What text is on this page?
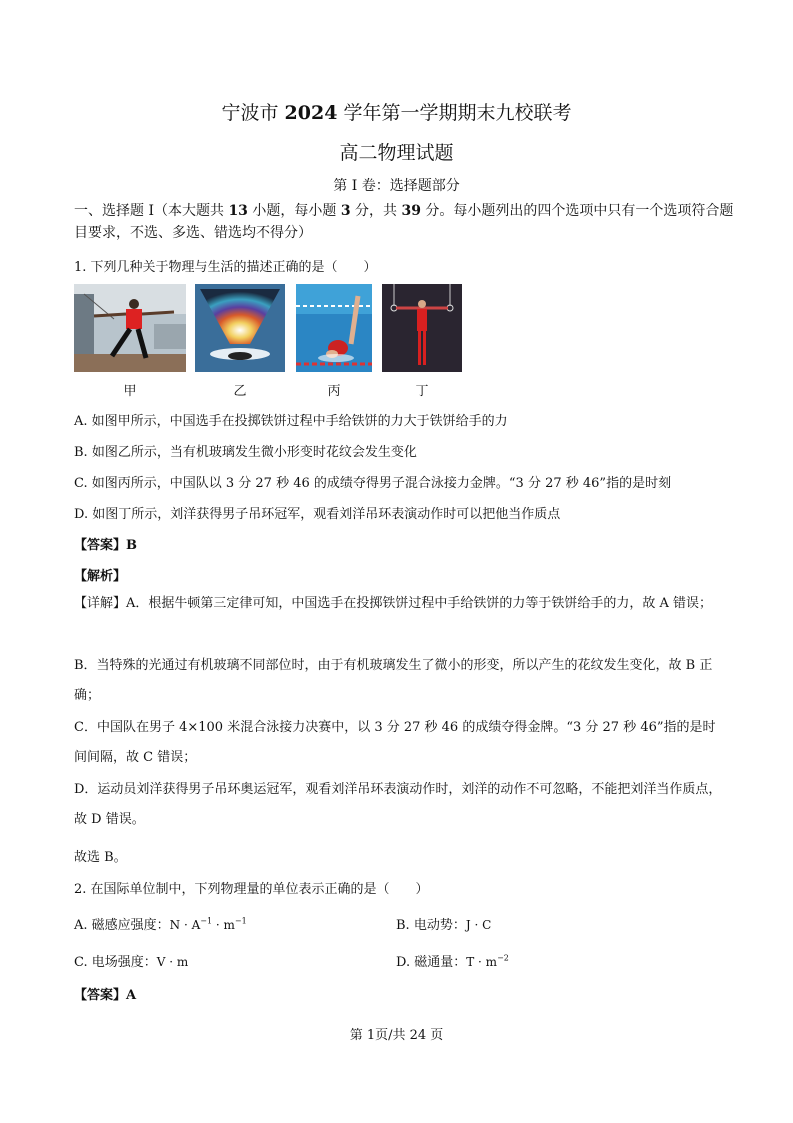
宁波市 2024 学年第一学期期末九校联考
高二物理试题
第 I 卷：选择题部分
一、选择题 I（本大题共 13 小题，每小题 3 分，共 39 分。每小题列出的四个选项中只有一个选项符合题目要求，不选、多选、错选均不得分）
1. 下列几种关于物理与生活的描述正确的是（　　）
甲	乙	丙	丁
A. 如图甲所示，中国选手在投掷铁饼过程中手给铁饼的力大于铁饼给手的力
B. 如图乙所示，当有机玻璃发生微小形变时花纹会发生变化
C. 如图丙所示，中国队以 3 分 27 秒 46 的成绩夺得男子混合泳接力金牌。“3 分 27 秒 46”指的是时刻
D. 如图丁所示，刘洋获得男子吊环冠军，观看刘洋吊环表演动作时可以把他当作质点
【答案】B
【解析】
【详解】A．根据牛顿第三定律可知，中国选手在投掷铁饼过程中手给铁饼的力等于铁饼给手的力，故 A 错误；
B．当特殊的光通过有机玻璃不同部位时，由于有机玻璃发生了微小的形变，所以产生的花纹发生变化，故 B 正确；
C．中国队在男子 4×100 米混合泳接力决赛中，以 3 分 27 秒 46 的成绩夺得金牌。“3 分 27 秒 46”指的是时间间隔，故 C 错误；
D．运动员刘洋获得男子吊环奥运冠军，观看刘洋吊环表演动作时，刘洋的动作不可忽略，不能把刘洋当作质点，故 D 错误。
故选 B。
2. 在国际单位制中，下列物理量的单位表示正确的是（　　）
A. 磁感应强度：$N \cdot A^{-1} \cdot m^{-1}$	B. 电动势：J · C
C. 电场强度：V · m	D. 磁通量：$T \cdot m^{-2}$
【答案】A
第 1页/共 24 页
